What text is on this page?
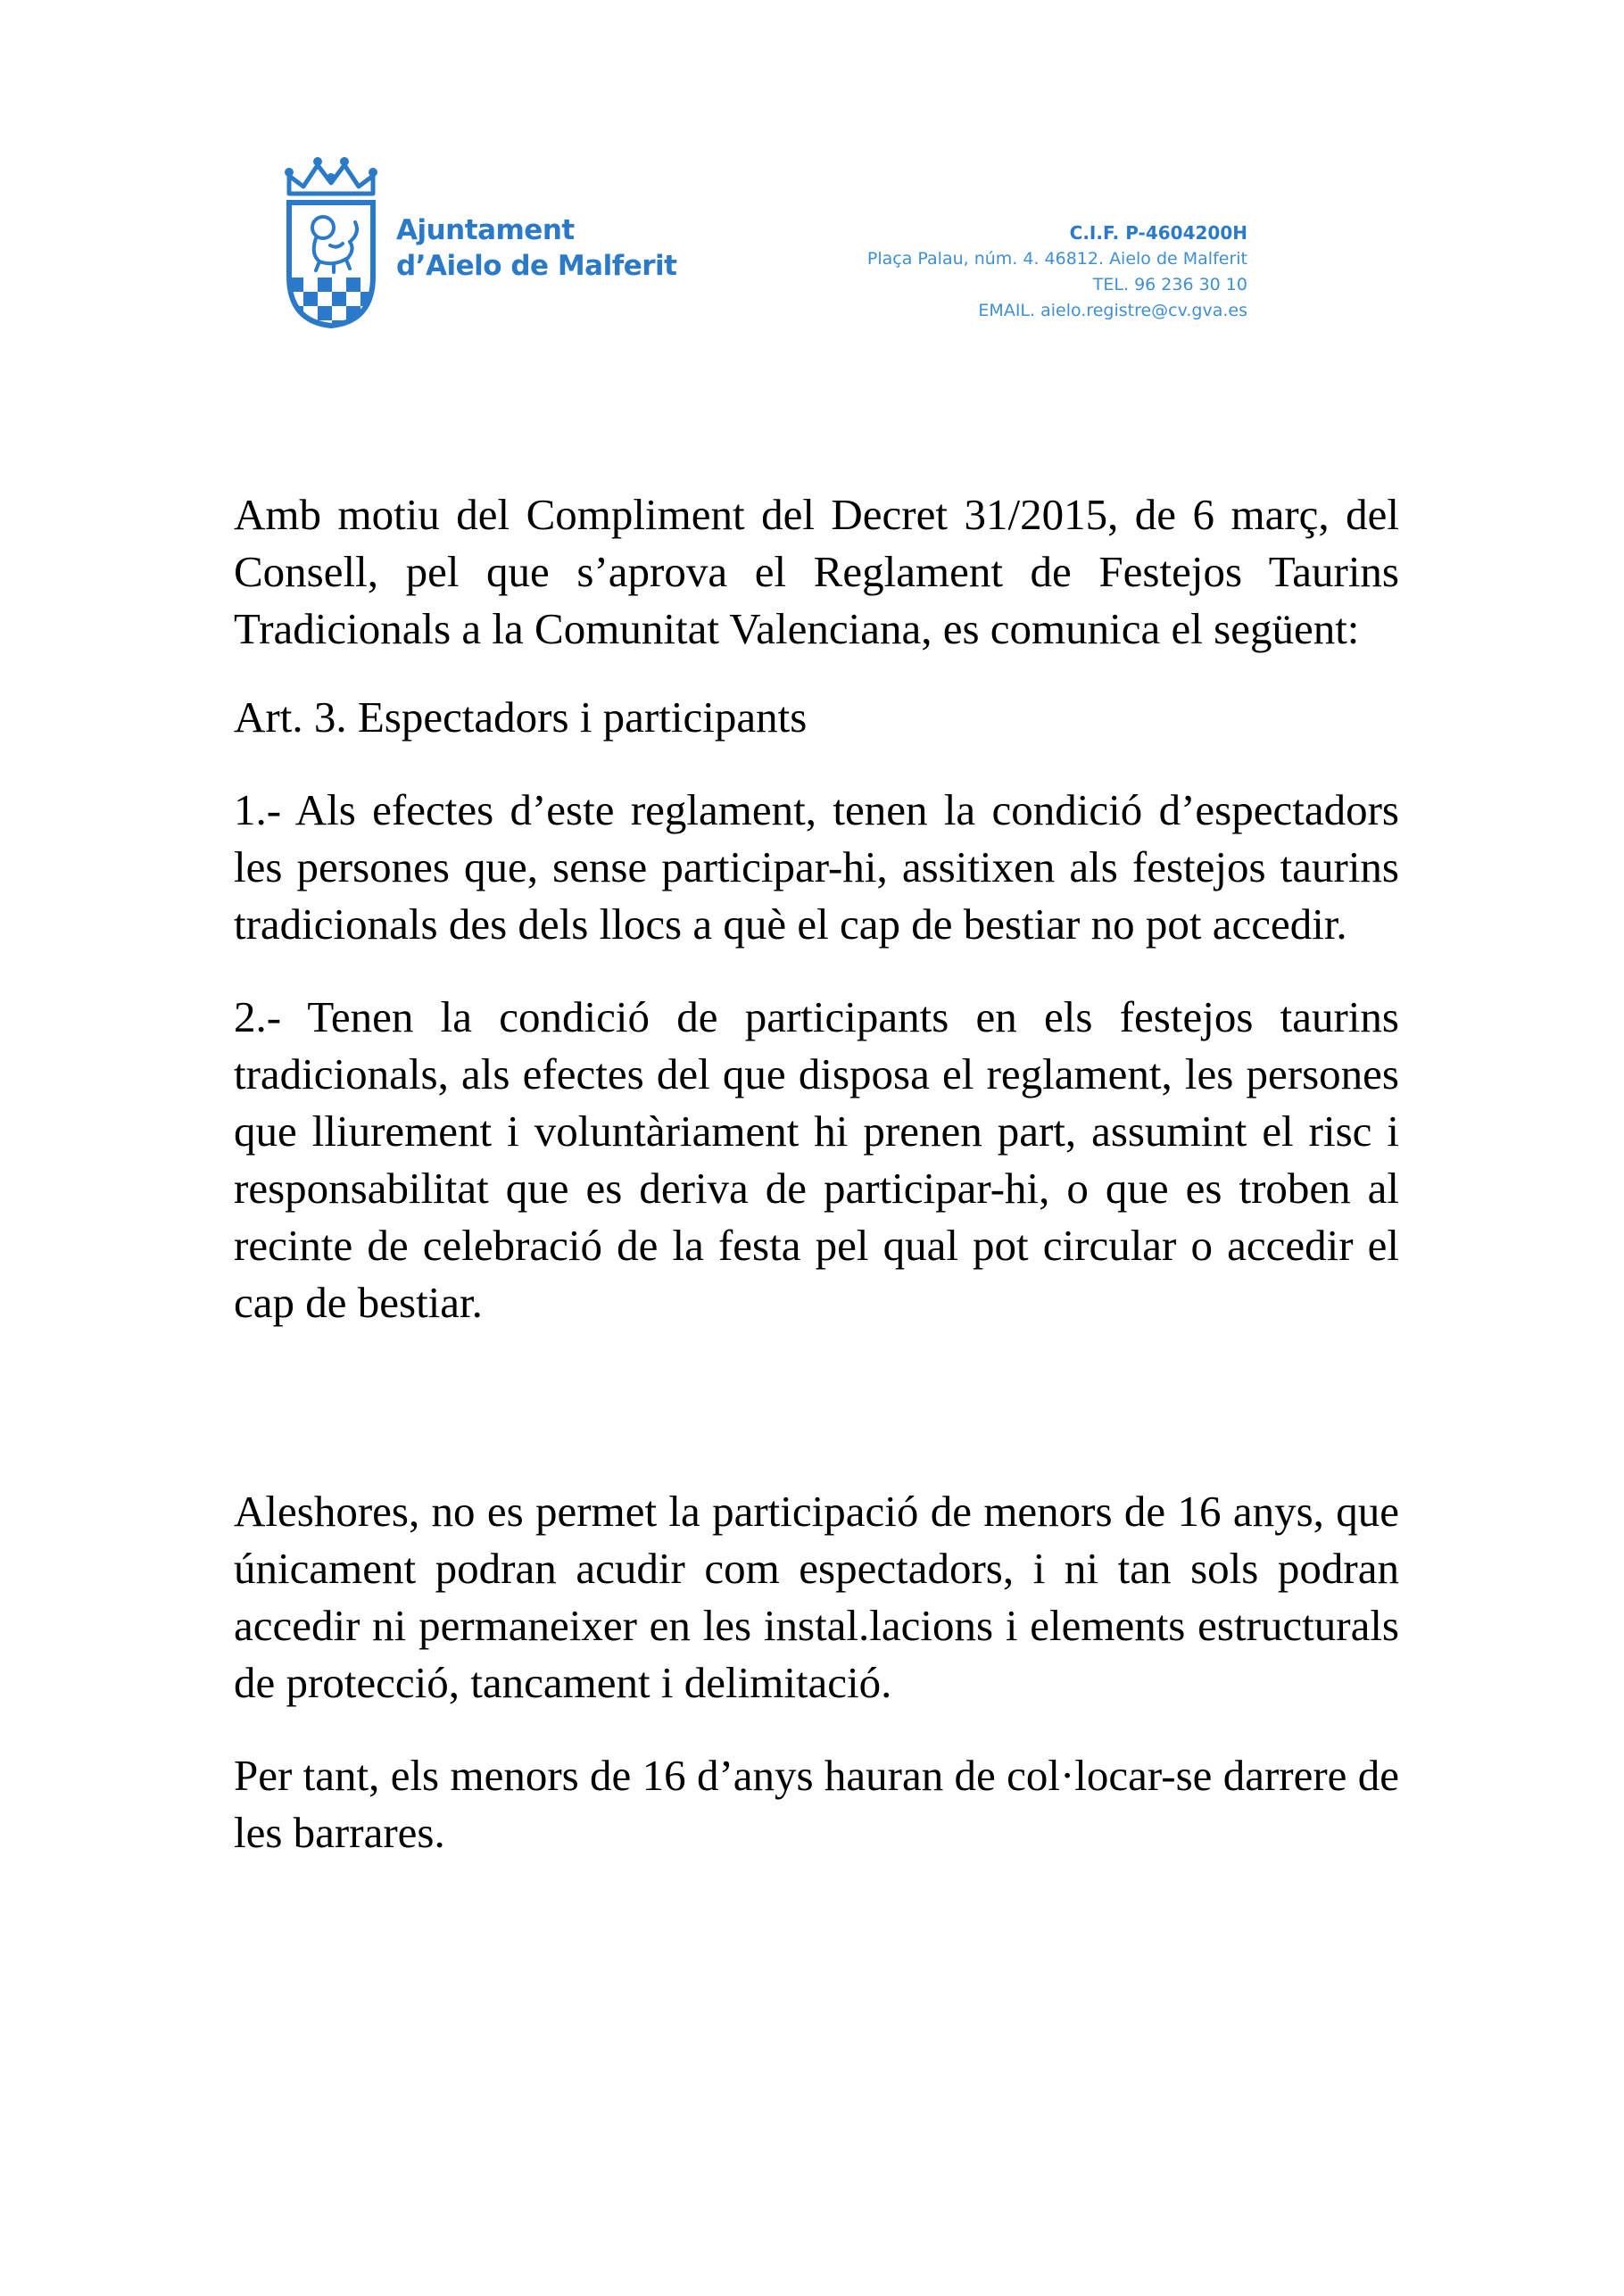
Ajuntament
d’Aielo de Malferit
C.I.F. P-4604200H
Plaça Palau, núm. 4. 46812. Aielo de Malferit
TEL. 96 236 30 10
EMAIL. aielo.registre@cv.gva.es

Amb motiu del Compliment del Decret 31/2015, de 6 març, del Consell, pel que s’aprova el Reglament de Festejos Taurins Tradicionals a la Comunitat Valenciana, es comunica el següent:

Art. 3. Espectadors i participants

1.- Als efectes d’este reglament, tenen la condició d’espectadors les persones que, sense participar-hi, assitixen als festejos taurins tradicionals des dels llocs a què el cap de bestiar no pot accedir.

2.- Tenen la condició de participants en els festejos taurins tradicionals, als efectes del que disposa el reglament, les persones que lliurement i voluntàriament hi prenen part, assumint el risc i responsabilitat que es deriva de participar-hi, o que es troben al recinte de celebració de la festa pel qual pot circular o accedir el cap de bestiar.

Aleshores, no es permet la participació de menors de 16 anys, que únicament podran acudir com espectadors, i ni tan sols podran accedir ni permaneixer en les instal.lacions i elements estructurals de protecció, tancament i delimitació.

Per tant, els menors de 16 d’anys hauran de col·locar-se darrere de les barrares.
